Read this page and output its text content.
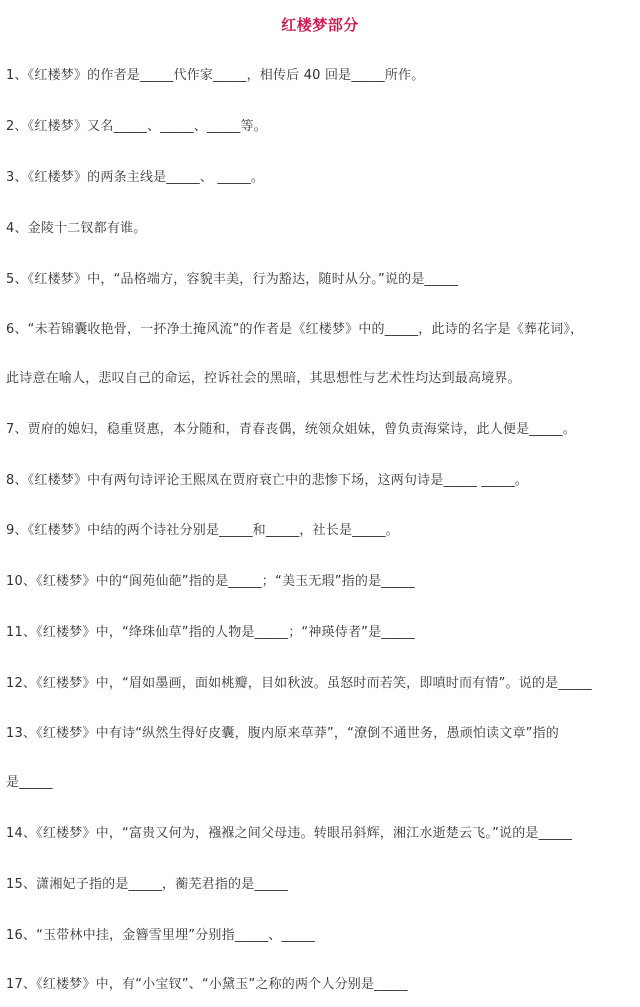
红楼梦部分
1、《红楼梦》的作者是_____代作家_____，相传后 40 回是_____所作。
2、《红楼梦》又名_____、_____、_____等。
3、《红楼梦》的两条主线是_____、 _____。
4、金陵十二钗都有谁。
5、《红楼梦》中，“品格端方，容貌丰美，行为豁达，随时从分。”说的是_____
6、“未若锦囊收艳骨，一抔净土掩风流”的作者是《红楼梦》中的_____，此诗的名字是《葬花词》，
此诗意在喻人，悲叹自己的命运，控诉社会的黑暗，其思想性与艺术性均达到最高境界。
7、贾府的媳妇，稳重贤惠，本分随和，青春丧偶，统领众姐妹，曾负责海棠诗，此人便是_____。
8、《红楼梦》中有两句诗评论王熙凤在贾府衰亡中的悲惨下场，这两句诗是_____ _____。
9、《红楼梦》中结的两个诗社分别是_____和_____，社长是_____。
10、《红楼梦》中的“阆苑仙葩”指的是_____；“美玉无瑕”指的是_____
11、《红楼梦》中，“绛珠仙草”指的人物是_____；“神瑛侍者”是_____
12、《红楼梦》中，“眉如墨画，面如桃瓣，目如秋波。虽怒时而若笑，即嗔时而有情”。说的是_____
13、《红楼梦》中有诗“纵然生得好皮囊，腹内原来草莽”，“潦倒不通世务，愚顽怕读文章”指的
是_____
14、《红楼梦》中，“富贵又何为，襁褓之间父母违。转眼吊斜辉，湘江水逝楚云飞。”说的是_____
15、潇湘妃子指的是_____，蘅芜君指的是_____
16、“玉带林中挂，金簪雪里埋”分别指_____、_____
17、《红楼梦》中，有“小宝钗”、“小黛玉”之称的两个人分别是_____
